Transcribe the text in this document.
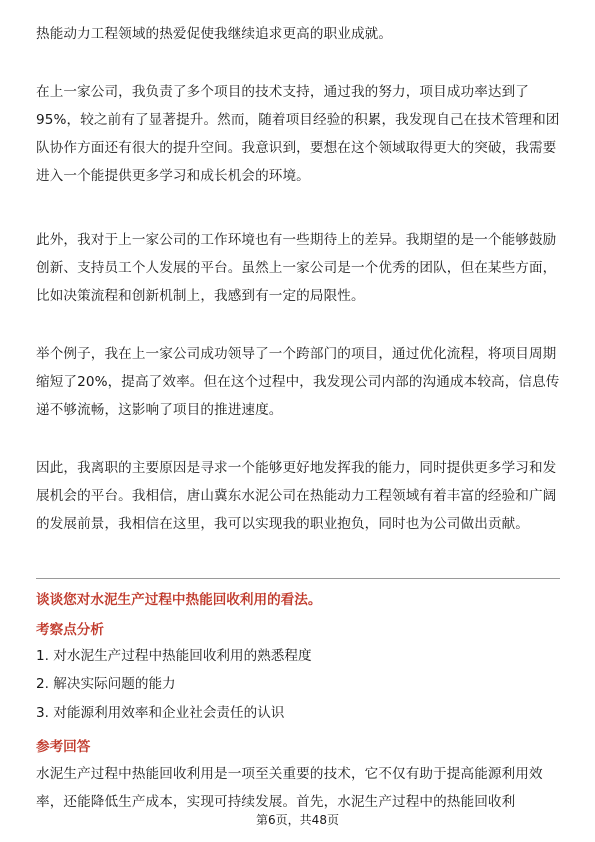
热能动力工程领域的热爱促使我继续追求更高的职业成就。

在上一家公司，我负责了多个项目的技术支持，通过我的努力，项目成功率达到了95%，较之前有了显著提升。然而，随着项目经验的积累，我发现自己在技术管理和团队协作方面还有很大的提升空间。我意识到，要想在这个领域取得更大的突破，我需要进入一个能提供更多学习和成长机会的环境。

此外，我对于上一家公司的工作环境也有一些期待上的差异。我期望的是一个能够鼓励创新、支持员工个人发展的平台。虽然上一家公司是一个优秀的团队，但在某些方面，比如决策流程和创新机制上，我感到有一定的局限性。

举个例子，我在上一家公司成功领导了一个跨部门的项目，通过优化流程，将项目周期缩短了20%，提高了效率。但在这个过程中，我发现公司内部的沟通成本较高，信息传递不够流畅，这影响了项目的推进速度。

因此，我离职的主要原因是寻求一个能够更好地发挥我的能力，同时提供更多学习和发展机会的平台。我相信，唐山冀东水泥公司在热能动力工程领域有着丰富的经验和广阔的发展前景，我相信在这里，我可以实现我的职业抱负，同时也为公司做出贡献。

谈谈您对水泥生产过程中热能回收利用的看法。
考察点分析
1. 对水泥生产过程中热能回收利用的熟悉程度
2. 解决实际问题的能力
3. 对能源利用效率和企业社会责任的认识
参考回答

水泥生产过程中热能回收利用是一项至关重要的技术，它不仅有助于提高能源利用效率，还能降低生产成本，实现可持续发展。首先，水泥生产过程中的热能回收利

第6页，共48页
